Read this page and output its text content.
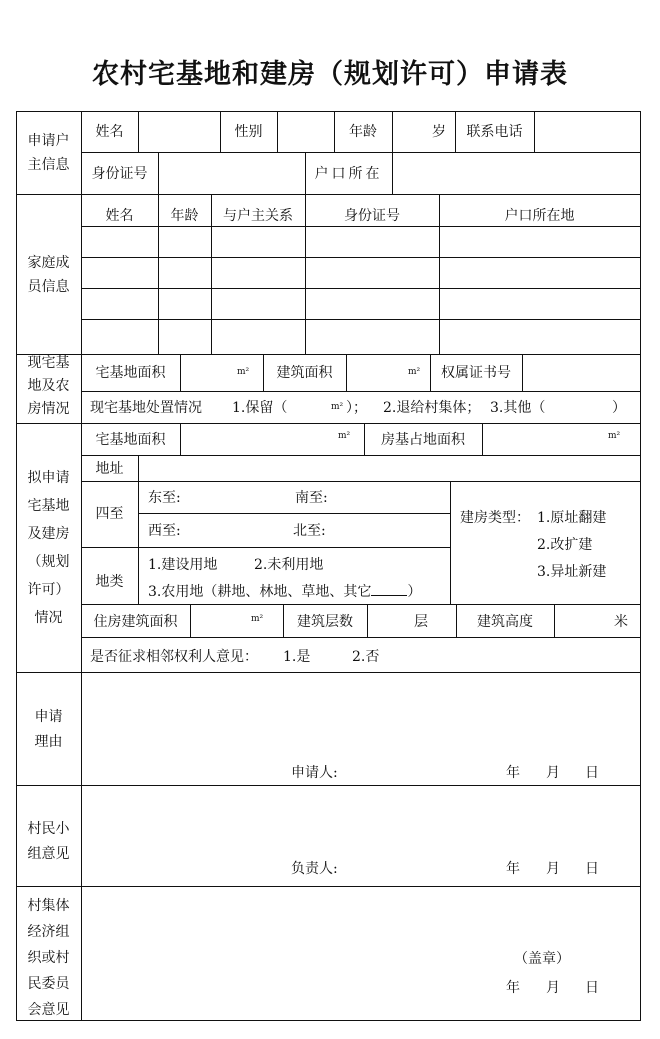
农村宅基地和建房（规划许可）申请表
申请户
主信息
姓名	性别	年龄	岁	联系电话
身份证号	户口所在
家庭成
员信息
姓名	年龄	与户主关系	身份证号	户口所在地
现宅基
地及农
房情况
宅基地面积	m²	建筑面积	m²	权属证书号
现宅基地处置情况 1.保留（	m² ）； 2.退给村集体； 3.其他（	）
拟申请
宅基地
及建房
（规划
许可）
情况
宅基地面积	m²	房基占地面积	m²
地址
四至
东至:	南至:
西至:	北至:
地类
1.建设用地	2.未利用地
3.农用地（耕地、林地、草地、其它	）
建房类型： 1.原址翻建
2.改扩建
3.异址新建
住房建筑面积	m²	建筑层数	层	建筑高度	米
是否征求相邻权利人意见： 1.是	2.否
申请
理由
申请人:	年 月 日
村民小
组意见
负责人:	年 月 日
村集体
经济组
织或村
民委员
会意见
（盖章）
年 月 日
